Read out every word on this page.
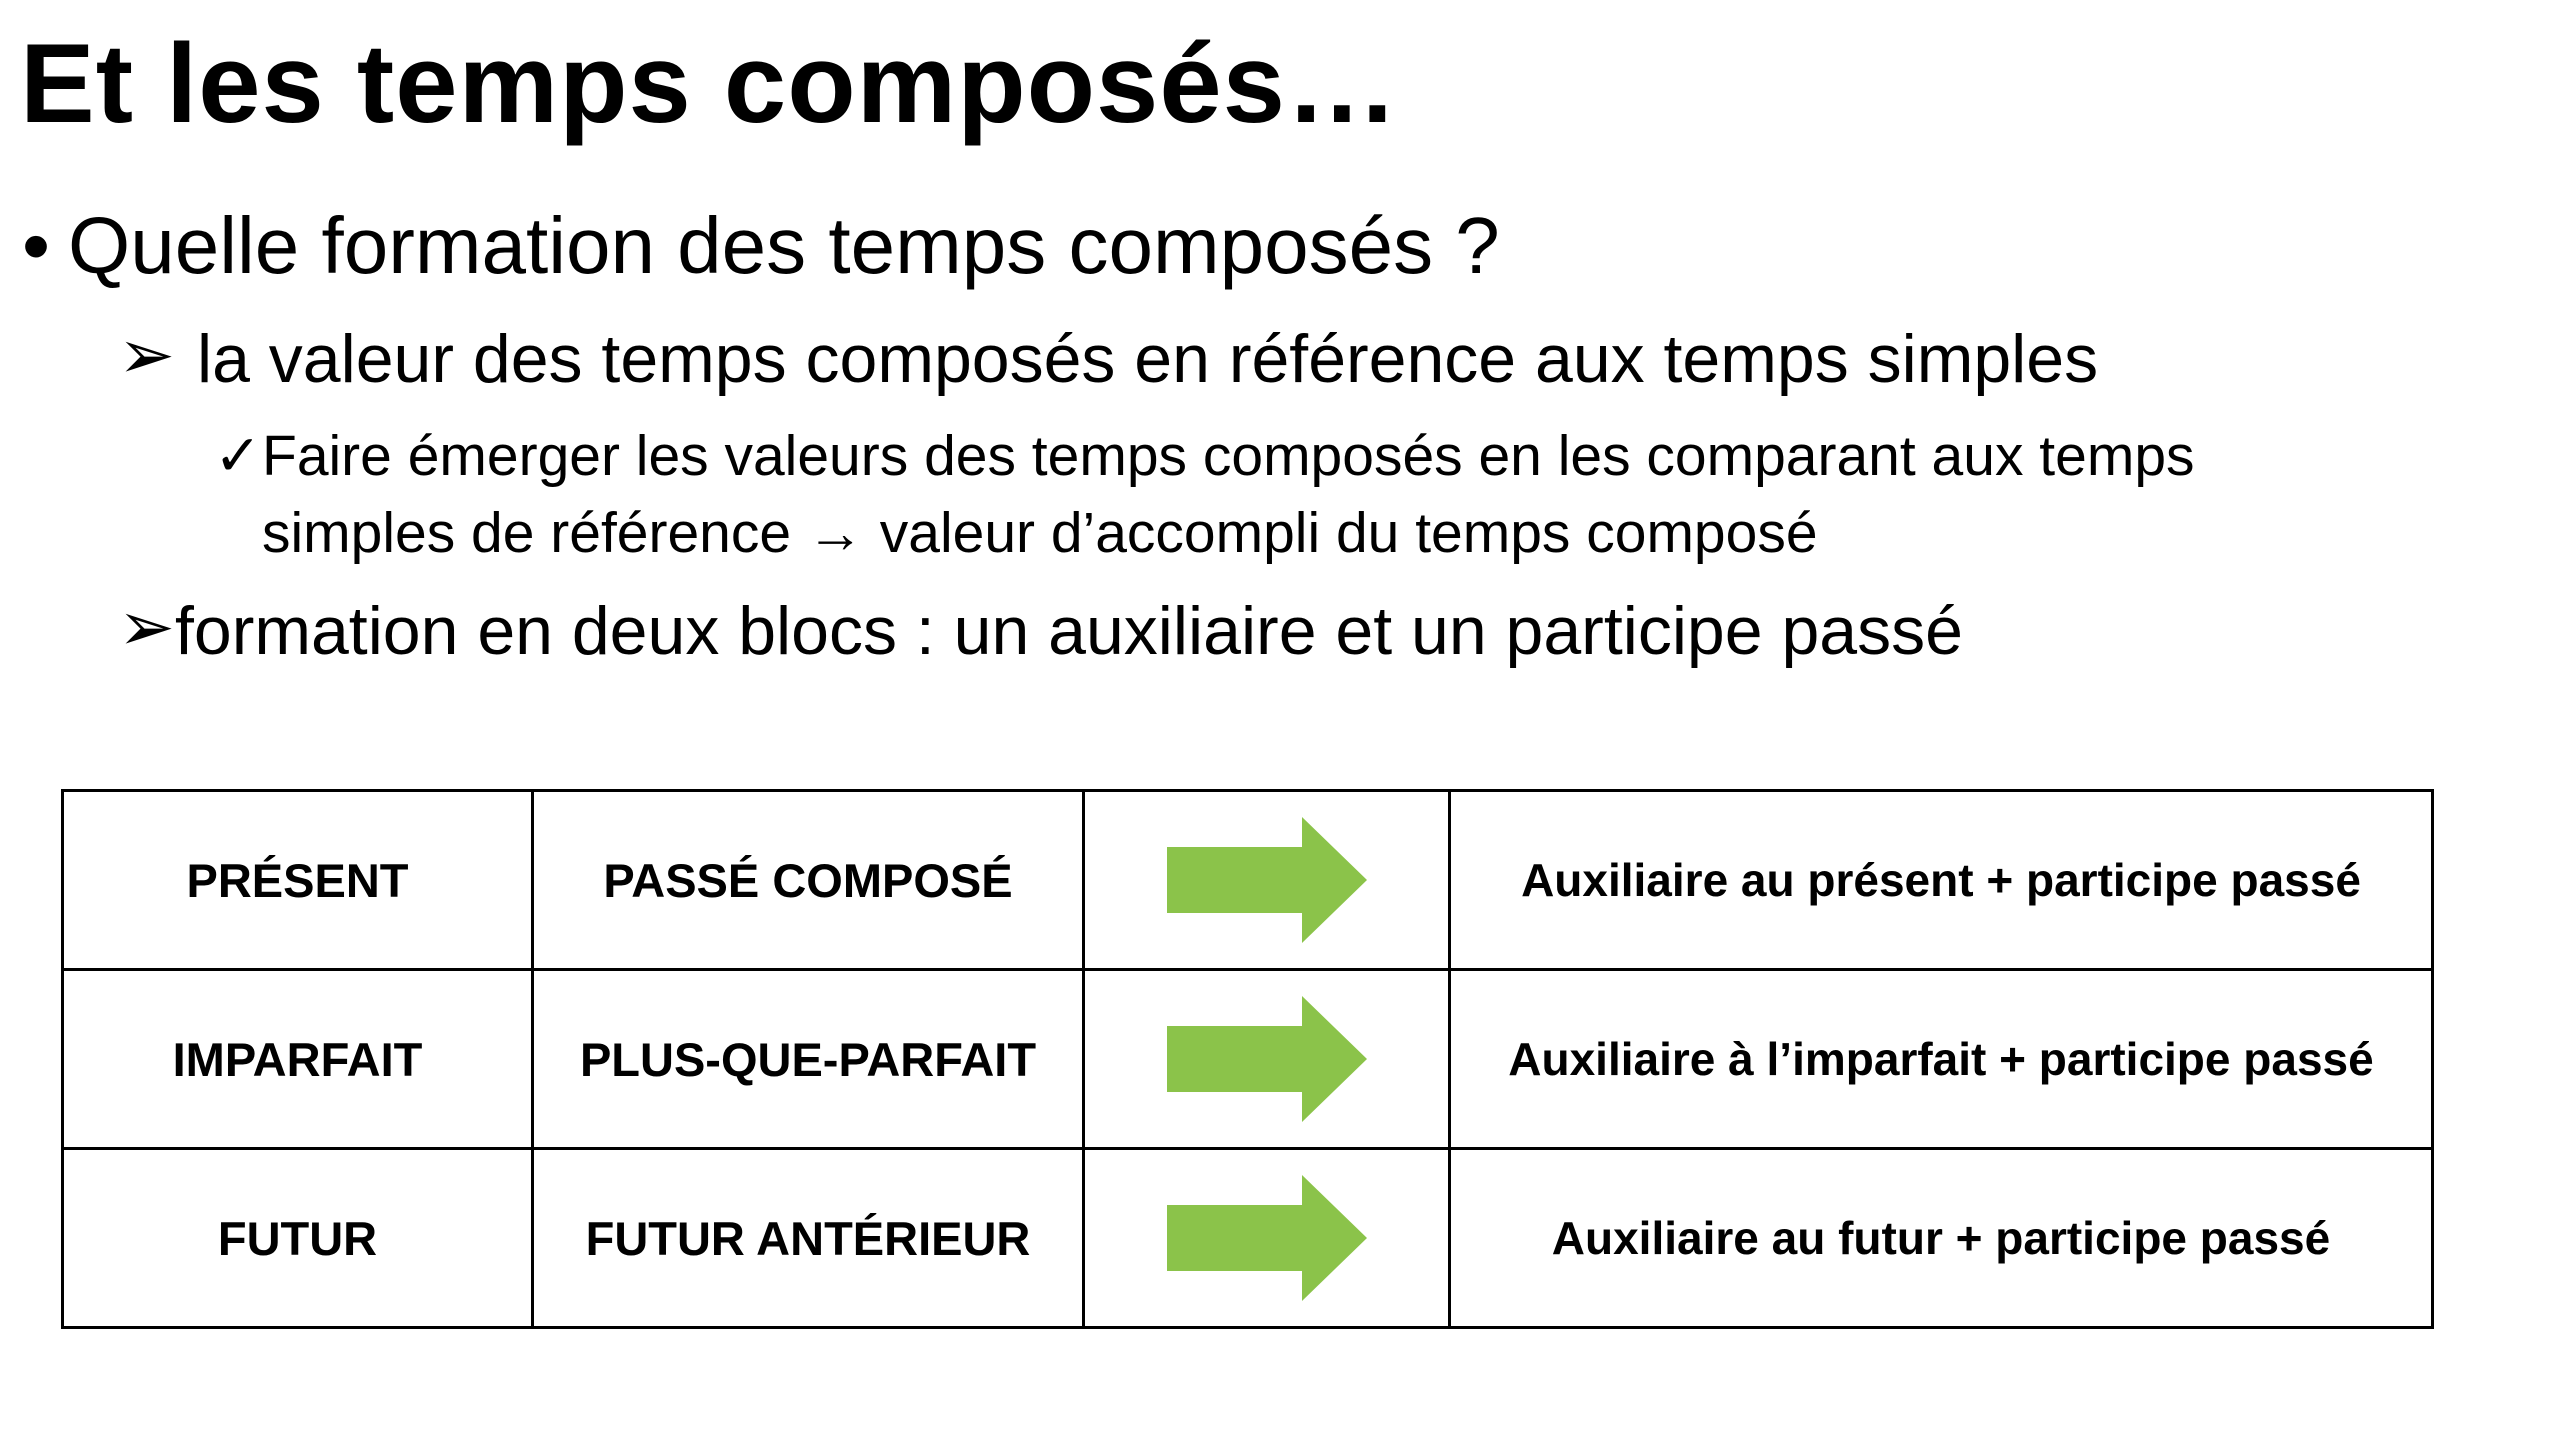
Et les temps composés…
• Quelle formation des temps composés ?
➢ la valeur des temps composés en référence aux temps simples
✓Faire émerger les valeurs des temps composés en les comparant aux temps
simples de référence → valeur d’accompli du temps composé
➢formation en deux blocs : un auxiliaire et un participe passé
PRÉSENT	PASSÉ COMPOSÉ		Auxiliaire au présent + participe passé
IMPARFAIT	PLUS-QUE-PARFAIT		Auxiliaire à l’imparfait + participe passé
FUTUR	FUTUR ANTÉRIEUR		Auxiliaire au futur + participe passé
